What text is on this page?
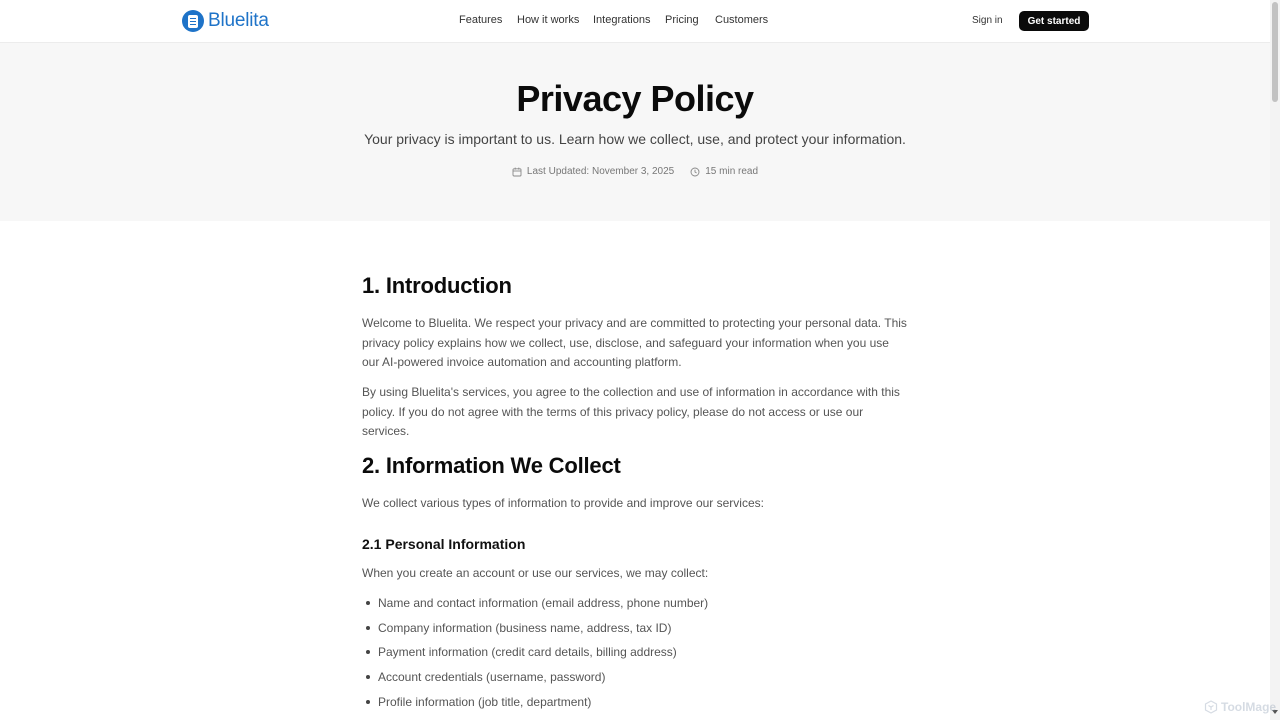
Bluelita	Features How it works Integrations Pricing Customers	Sign in	Get started
Privacy Policy

Your privacy is important to us. Learn how we collect, use, and protect your information.

Last Updated: November 3, 2025	15 min read
1. Introduction

Welcome to Bluelita. We respect your privacy and are committed to protecting your personal data. This privacy policy explains how we collect, use, disclose, and safeguard your information when you use our AI-powered invoice automation and accounting platform.

By using Bluelita's services, you agree to the collection and use of information in accordance with this policy. If you do not agree with the terms of this privacy policy, please do not access or use our services.

2. Information We Collect

We collect various types of information to provide and improve our services:

2.1 Personal Information

When you create an account or use our services, we may collect:

Name and contact information (email address, phone number)
Company information (business name, address, tax ID)
Payment information (credit card details, billing address)
Account credentials (username, password)
Profile information (job title, department)	ToolMage
